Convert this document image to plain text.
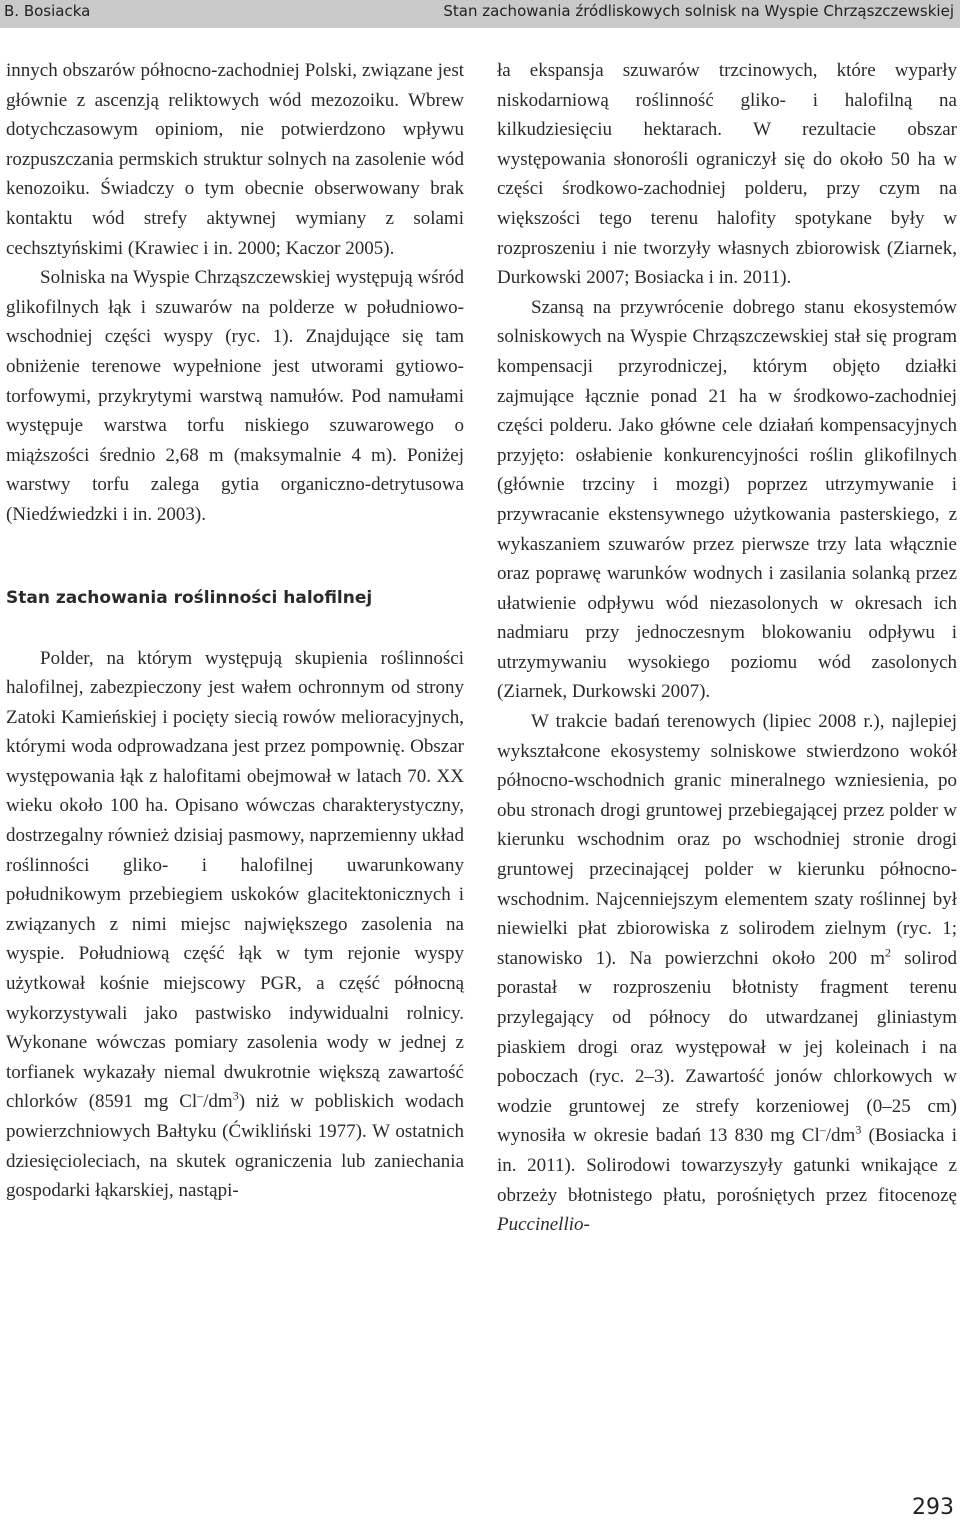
B. Bosiacka	Stan zachowania źródliskowych solnisk na Wyspie Chrząszczewskiej

innych obszarów północno-zachodniej Polski, związane jest głównie z ascenzją reliktowych wód mezozoiku. Wbrew dotychczasowym opiniom, nie potwierdzono wpływu rozpuszczania permskich struktur solnych na zasolenie wód kenozoiku. Świadczy o tym obecnie obserwowany brak kontaktu wód strefy aktywnej wymiany z solami cechsztyńskimi (Krawiec i in. 2000; Kaczor 2005).

Solniska na Wyspie Chrząszczewskiej występują wśród glikofilnych łąk i szuwarów na polderze w południowo-wschodniej części wyspy (ryc. 1). Znajdujące się tam obniżenie terenowe wypełnione jest utworami gytiowo-torfowymi, przykrytymi warstwą namułów. Pod namułami występuje warstwa torfu niskiego szuwarowego o miąższości średnio 2,68 m (maksymalnie 4 m). Poniżej warstwy torfu zalega gytia organiczno-detrytusowa (Niedźwiedzki i in. 2003).

Stan zachowania roślinności halofilnej

Polder, na którym występują skupienia roślinności halofilnej, zabezpieczony jest wałem ochronnym od strony Zatoki Kamieńskiej i pocięty siecią rowów melioracyjnych, którymi woda odprowadzana jest przez pompownię. Obszar występowania łąk z halofitami obejmował w latach 70. XX wieku około 100 ha. Opisano wówczas charakterystyczny, dostrzegalny również dzisiaj pasmowy, naprzemienny układ roślinności gliko- i halofilnej uwarunkowany południkowym przebiegiem uskoków glacitektonicznych i związanych z nimi miejsc największego zasolenia na wyspie. Południową część łąk w tym rejonie wyspy użytkował kośnie miejscowy PGR, a część północną wykorzystywali jako pastwisko indywidualni rolnicy. Wykonane wówczas pomiary zasolenia wody w jednej z torfianek wykazały niemal dwukrotnie większą zawartość chlorków (8591 mg $Cl^-/dm^3$) niż w pobliskich wodach powierzchniowych Bałtyku (Ćwikliński 1977). W ostatnich dziesięcioleciach, na skutek ograniczenia lub zaniechania gospodarki łąkarskiej, nastąpi-

ła ekspansja szuwarów trzcinowych, które wyparły niskodarniową roślinność gliko- i halofilną na kilkudziesięciu hektarach. W rezultacie obszar występowania słonorośli ograniczył się do około 50 ha w części środkowo-zachodniej polderu, przy czym na większości tego terenu halofity spotykane były w rozproszeniu i nie tworzyły własnych zbiorowisk (Ziarnek, Durkowski 2007; Bosiacka i in. 2011).

Szansą na przywrócenie dobrego stanu ekosystemów solniskowych na Wyspie Chrząszczewskiej stał się program kompensacji przyrodniczej, którym objęto działki zajmujące łącznie ponad 21 ha w środkowo-zachodniej części polderu. Jako główne cele działań kompensacyjnych przyjęto: osłabienie konkurencyjności roślin glikofilnych (głównie trzciny i mozgi) poprzez utrzymywanie i przywracanie ekstensywnego użytkowania pasterskiego, z wykaszaniem szuwarów przez pierwsze trzy lata włącznie oraz poprawę warunków wodnych i zasilania solanką przez ułatwienie odpływu wód niezasolonych w okresach ich nadmiaru przy jednoczesnym blokowaniu odpływu i utrzymywaniu wysokiego poziomu wód zasolonych (Ziarnek, Durkowski 2007).

W trakcie badań terenowych (lipiec 2008 r.), najlepiej wykształcone ekosystemy solniskowe stwierdzono wokół północno-wschodnich granic mineralnego wzniesienia, po obu stronach drogi gruntowej przebiegającej przez polder w kierunku wschodnim oraz po wschodniej stronie drogi gruntowej przecinającej polder w kierunku północno-wschodnim. Najcenniejszym elementem szaty roślinnej był niewielki płat zbiorowiska z solirodem zielnym (ryc. 1; stanowisko 1). Na powierzchni około 200 $m^2$ solirod porastał w rozproszeniu błotnisty fragment terenu przylegający od północy do utwardzanej gliniastym piaskiem drogi oraz występował w jej koleinach i na poboczach (ryc. 2–3). Zawartość jonów chlorkowych w wodzie gruntowej ze strefy korzeniowej (0–25 cm) wynosiła w okresie badań 13 830 mg $Cl^-/dm^3$ (Bosiacka i in. 2011). Solirodowi towarzyszyły gatunki wnikające z obrzeży błotnistego płatu, porośniętych przez fitocenozę Puccinellio-

293
